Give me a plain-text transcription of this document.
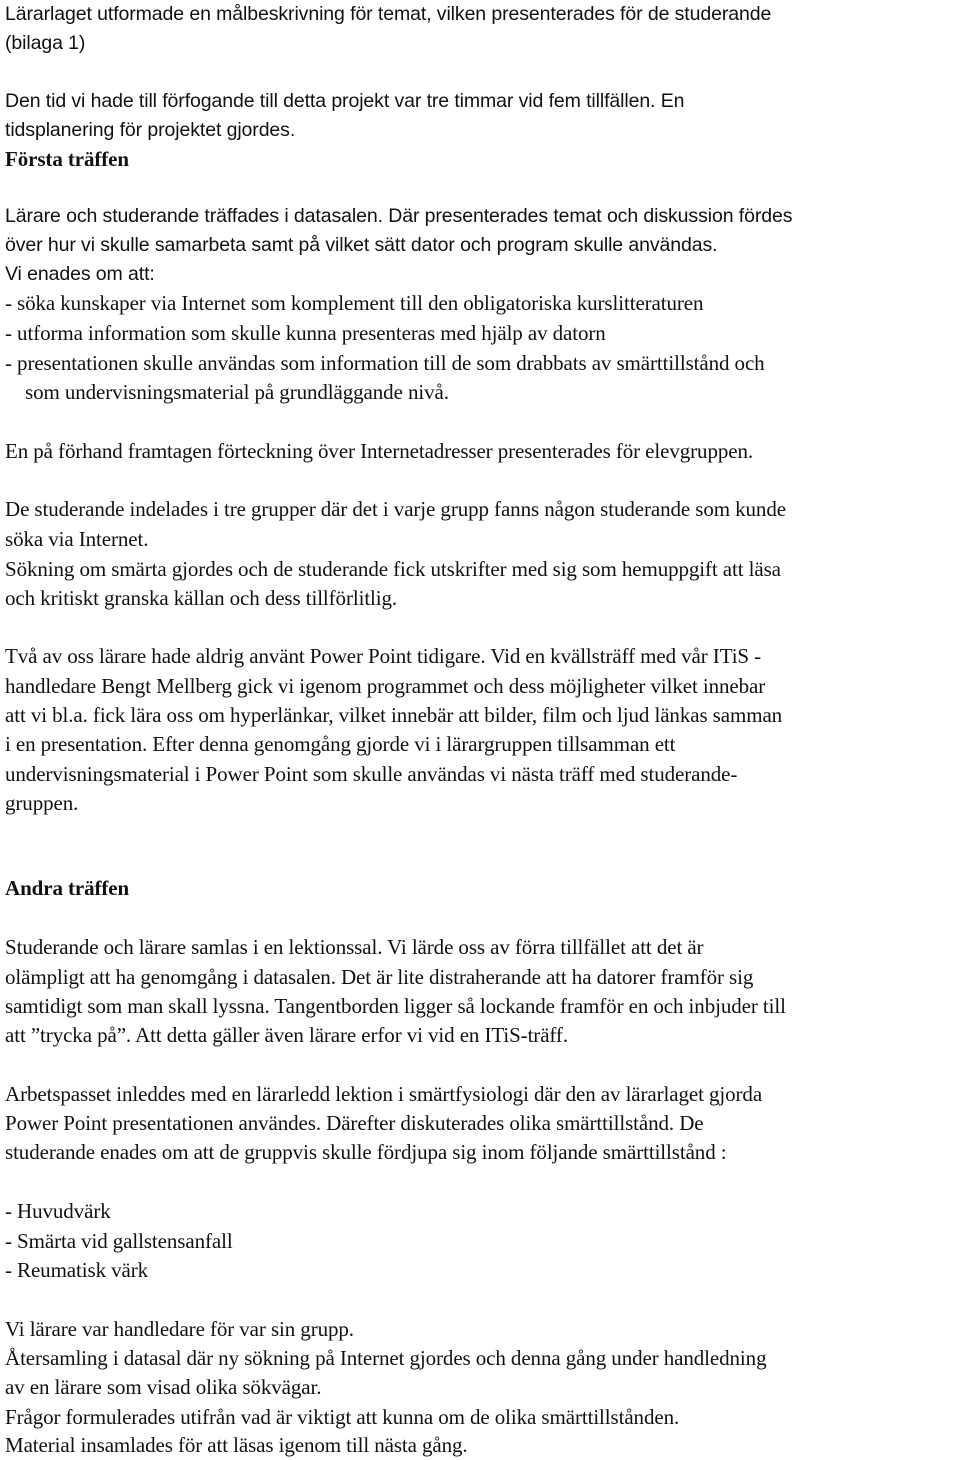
Lärarlaget utformade en målbeskrivning för temat, vilken presenterades för de studerande
(bilaga 1)
Den tid vi hade till förfogande till detta projekt var tre timmar vid fem tillfällen. En
tidsplanering för projektet gjordes.
Första träffen
Lärare och studerande träffades i datasalen. Där presenterades temat och diskussion fördes
över hur vi skulle samarbeta samt på vilket sätt dator och program skulle användas.
Vi enades om att:
- söka kunskaper via Internet som komplement till den obligatoriska kurslitteraturen
- utforma information som skulle kunna presenteras med hjälp av datorn
- presentationen skulle användas som information till de som drabbats av smärttillstånd och
som undervisningsmaterial på grundläggande nivå.
En på förhand framtagen förteckning över Internetadresser presenterades för elevgruppen.
De studerande indelades i tre grupper där det i varje grupp fanns någon studerande som kunde
söka via Internet.
Sökning om smärta gjordes och de studerande fick utskrifter med sig som hemuppgift att läsa
och kritiskt granska källan och dess tillförlitlig.
Två av oss lärare hade aldrig använt Power Point tidigare. Vid en kvällsträff med vår ITiS -
handledare Bengt Mellberg gick vi igenom programmet och dess möjligheter vilket innebar
att vi bl.a. fick lära oss om hyperlänkar, vilket innebär att bilder, film och ljud länkas samman
i en presentation. Efter denna genomgång gjorde vi i lärargruppen tillsamman ett
undervisningsmaterial i Power Point som skulle användas vi nästa träff med studerande-
gruppen.
Andra träffen
Studerande och lärare samlas i en lektionssal. Vi lärde oss av förra tillfället att det är
olämpligt att ha genomgång i datasalen. Det är lite distraherande att ha datorer framför sig
samtidigt som man skall lyssna. Tangentborden ligger så lockande framför en och inbjuder till
att ”trycka på”. Att detta gäller även lärare erfor vi vid en ITiS-träff.
Arbetspasset inleddes med en lärarledd lektion i smärtfysiologi där den av lärarlaget gjorda
Power Point presentationen användes. Därefter diskuterades olika smärttillstånd. De
studerande enades om att de gruppvis skulle fördjupa sig inom följande smärttillstånd :
- Huvudvärk
- Smärta vid gallstensanfall
- Reumatisk värk
Vi lärare var handledare för var sin grupp.
Återsamling i datasal där ny sökning på Internet gjordes och denna gång under handledning
av en lärare som visad olika sökvägar.
Frågor formulerades utifrån vad är viktigt att kunna om de olika smärttillstånden.
Material insamlades för att läsas igenom till nästa gång.
